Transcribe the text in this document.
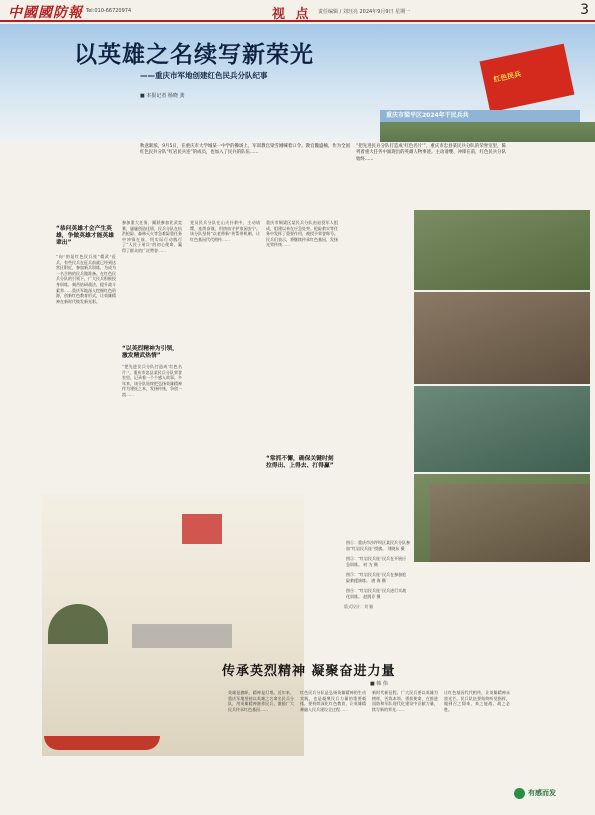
中國國防報 Tel:010-66720974	视 点 责任编辑 / 刘珏亮 2024年9月9日 星期一	3
红色民兵
重庆市梁平区2024年干民兵共
以英雄之名续写新荣光
——重庆市军地创建红色民兵分队纪事
■ 本报记者 杨晓 龚
秋意渐浓，9月5日，在重庆市大学城某一中学的操场上，军训教官梁雪刚喊着口令。教官魏盛楠，作为全国红色民兵分队“红岩民兵连”的成员，也加入了民兵的队伍……
“把先进民兵分队打造成‘红色名片’”，重庆市忠县某民兵分队的荣誉室里，陈列着重大任务中涌现出的英雄人物事迹。主动请缨、冲锋在前，红色民兵分队始终……
“恭问英雄才会产生英雄，争做英雄才能英雄辈出”
“向”的是红色民兵连“精武”征兵，有些民兵在征兵前就已经到达营区附近，参加新兵训练，为成为一名合格的民兵做准备。在红色民兵分队的引领下，广大民兵积极投身训练，刻苦钻研战法，提升战斗素养……重庆军地深入挖掘红色资源，创新红色教育形式，让英雄精神在新时代焕发新光彩。
参加重大任务，踊跃参加比武竞赛，屡屡创造佳绩，民兵分队在抗洪抢险、森林灭火等急难险重任务中冲锋在前，用实际行动践行了“人民子弟兵”的初心使命，赢得了群众的广泛赞誉……
“以英烈精神为引领，激发精武热情”
“把先进民兵分队打造成‘红色名片’”，重庆市忠县某民兵分队荣誉室里，记录着一个个感人故事。多年来，该分队始终把弘扬英雄精神作为建连之本，发扬传统，争创一流……
党员民兵分队在山火扑救中，主动请缨，连续奋战，用热血守护家园安宁。该分队坚持“以老带新”传帮带机制，让红色基因代代相传……
重庆市铜梁区某民兵分队由退役军人组成，组建以来在应急处突、抢险救灾等任务中发挥了重要作用，被授予荣誉称号。民兵们表示，将继续传承红色基因，发扬光荣传统……
“常抓不懈，确保关键时刻拉得出、上得去、打得赢”
图①：重庆市沙坪坝区某民兵分队参加“红岩民兵连”授旗。 刘晓东 摄
图②：“红岩民兵连”民兵在开展应急训练。 何 为 摄
图③：“红岩民兵连”民兵在参加抢险救援演练。 唐 海 摄
图④：“红岩民兵连”民兵进行实战化训练。 赵润乔 摄
版式设计：刘 颖
传承英烈精神 凝聚奋进力量
■ 韩 伟
英雄是旗帜，精神是灯塔。近年来，重庆军地坚持以英雄之名命名民兵分队，用英雄精神滋养民兵，激励广大民兵传承红色基因……
红色民兵分队是弘扬英雄精神的生动实践，也是凝聚民兵力量的重要载体。要持续深化红色教育，让英雄精神融入民兵建设全过程……
新时代新征程，广大民兵要以英雄为榜样，苦练本领、勇担使命，在推进国防和军队现代化建设中贡献力量，续写新的荣光……
让红色基因代代相传，让英雄精神永放光芒。民兵队伍要始终听党指挥，做到召之即来、来之能战、战之必胜。
有感而发
